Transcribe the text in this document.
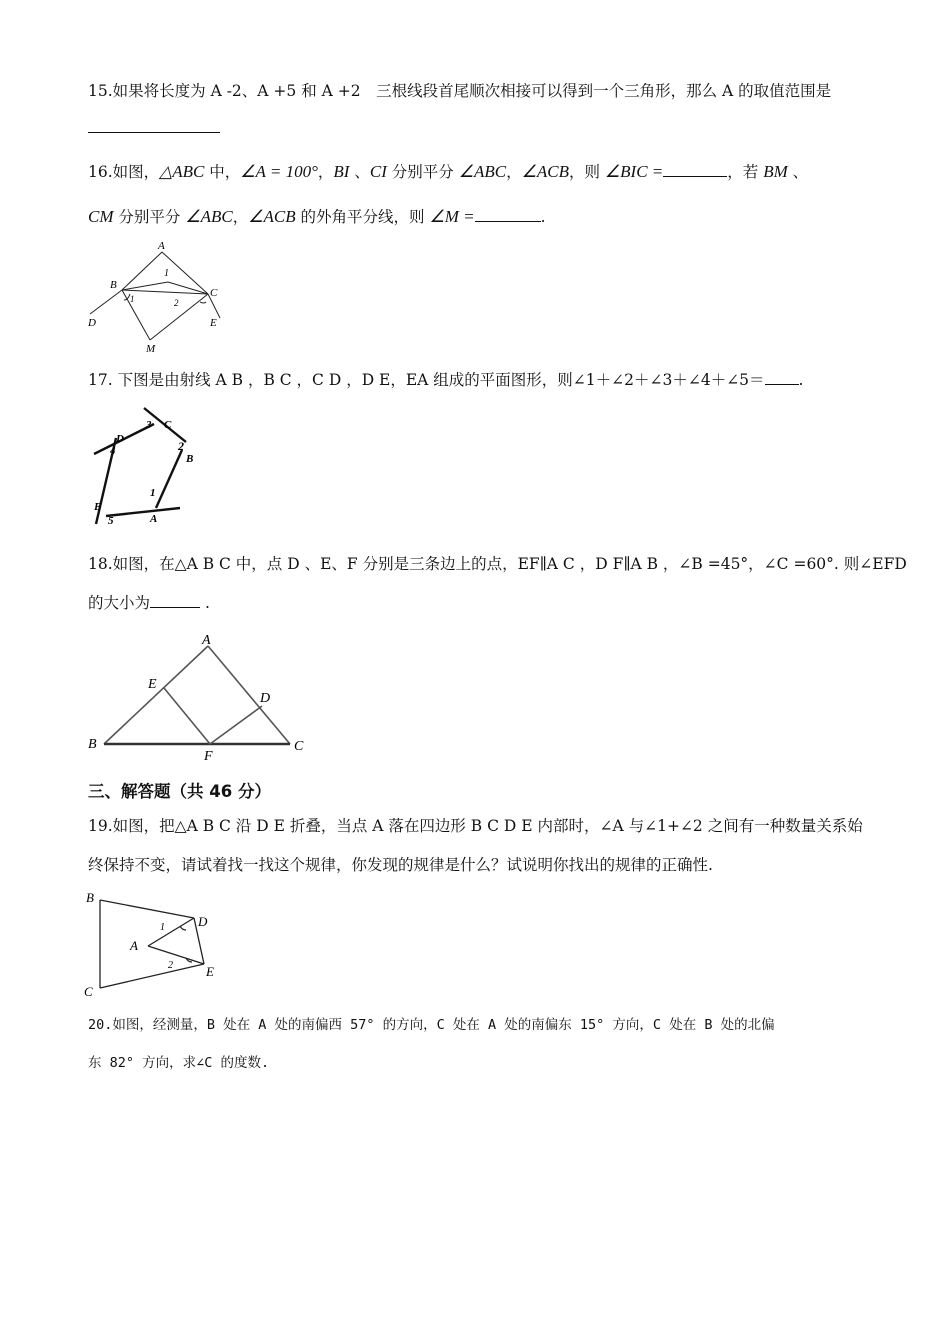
15.如果将长度为 A -2、A +5 和 A +2　三根线段首尾顺次相接可以得到一个三角形，那么 A 的取值范围是
16.如图，△ABC 中，∠A = 100°，BI 、CI 分别平分 ∠ABC，∠ACB，则 ∠BIC =	，若 BM 、
CM 分别平分 ∠ABC，∠ACB 的外角平分线，则 ∠M =	.
A
B
C
D	E
M
1
1	2
17. 下图是由射线 A B ，B C ，C D ，D E，EA 组成的平面图形，则∠1＋∠2＋∠3＋∠4＋∠5＝ .
1
A
B
2
3 C
D
4
E
5
18.如图，在△A B C 中，点 D 、E、F 分别是三条边上的点，EF∥A C ，D F∥A B ，∠B =45°，∠C =60°. 则∠EFD
的大小为	.
A
E
D
B
F
C
三、解答题（共 46 分）
19.如图，把△A B C 沿 D E 折叠，当点 A 落在四边形 B C D E 内部时，∠A 与∠1+∠2 之间有一种数量关系始
终保持不变，请试着找一找这个规律，你发现的规律是什么？试说明你找出的规律的正确性.
B
D
A
E
C
1
2
20.如图，经测量，B 处在 A 处的南偏西 57° 的方向，C 处在 A 处的南偏东 15° 方向，C 处在 B 处的北偏
东 82° 方向，求∠C 的度数.
